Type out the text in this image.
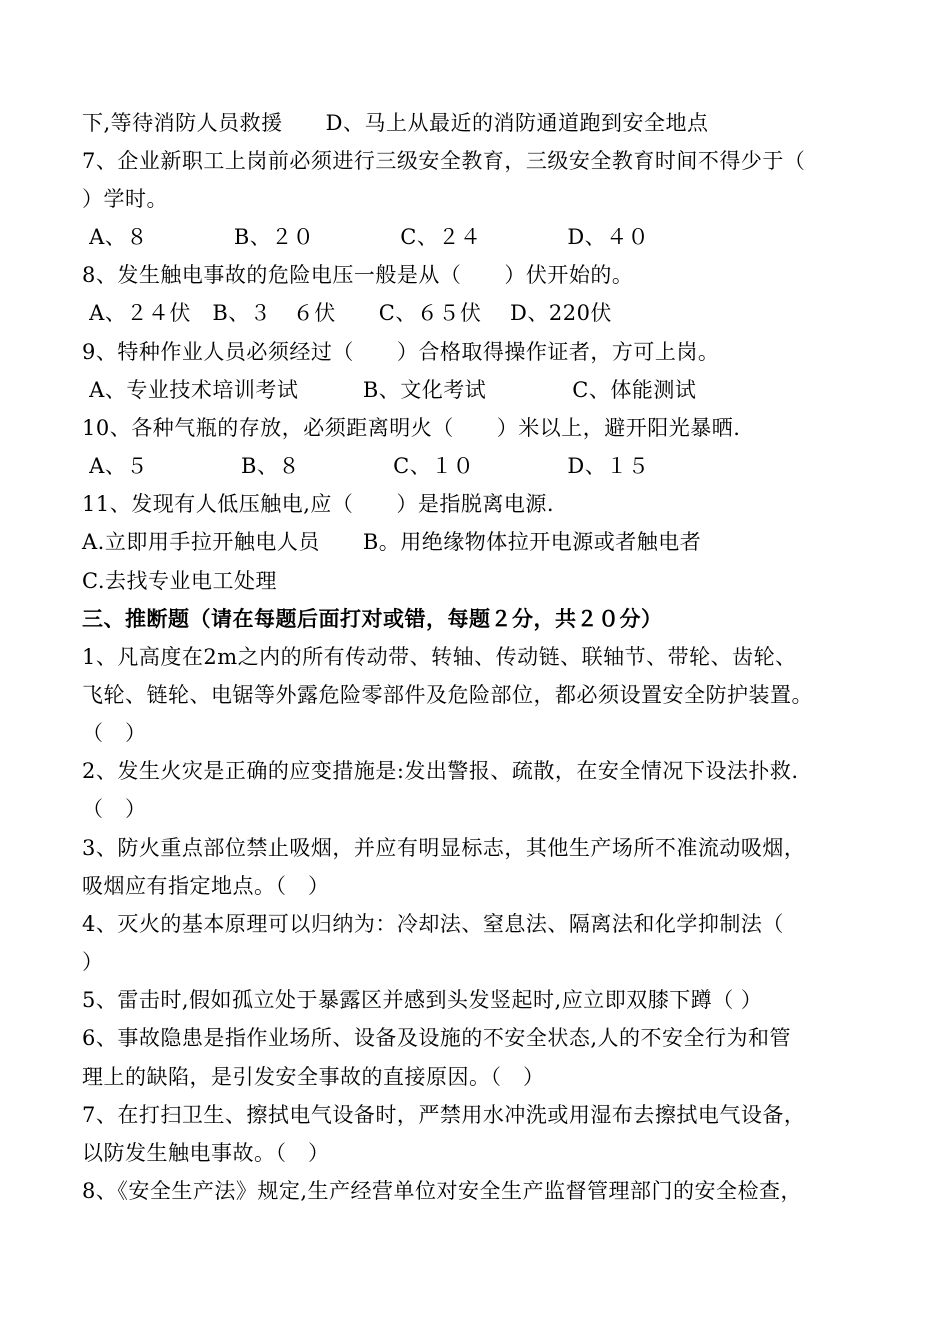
下,等待消防人员救援　　D、马上从最近的消防通道跑到安全地点
7、企业新职工上岗前必须进行三级安全教育，三级安全教育时间不得少于（
）学时。
A、８　　　　B、２０　　　　C、２４　　　　D、４０
8、发生触电事故的危险电压一般是从（　　）伏开始的。
A、２４伏　B、３　６伏　　C、６５伏　 D、220伏
9、特种作业人员必须经过（　　）合格取得操作证者，方可上岗。
A、专业技术培训考试　　　B、文化考试　　　　C、体能测试
10、各种气瓶的存放，必须距离明火（　　）米以上，避开阳光暴晒.
A、５　　　　 B、８　　　　 C、１０　　　　 D、１５
11、发现有人低压触电,应（　　）是指脱离电源.
A.立即用手拉开触电人员　　B。用绝缘物体拉开电源或者触电者
C.去找专业电工处理
三、推断题（请在每题后面打对或错，每题２分，共２０分）
1、凡高度在2m之内的所有传动带、转轴、传动链、联轴节、带轮、齿轮、
飞轮、链轮、电锯等外露危险零部件及危险部位，都必须设置安全防护装置。
（　）
2、发生火灾是正确的应变措施是:发出警报、疏散，在安全情况下设法扑救.
（　）
3、防火重点部位禁止吸烟，并应有明显标志，其他生产场所不准流动吸烟，
吸烟应有指定地点。（　）
4、灭火的基本原理可以归纳为：冷却法、窒息法、隔离法和化学抑制法（
）
5、雷击时,假如孤立处于暴露区并感到头发竖起时,应立即双膝下蹲（ ）
6、事故隐患是指作业场所、设备及设施的不安全状态,人的不安全行为和管
理上的缺陷，是引发安全事故的直接原因。（　）
7、在打扫卫生、擦拭电气设备时，严禁用水冲洗或用湿布去擦拭电气设备，
以防发生触电事故。（　）
8、《安全生产法》规定,生产经营单位对安全生产监督管理部门的安全检查，
